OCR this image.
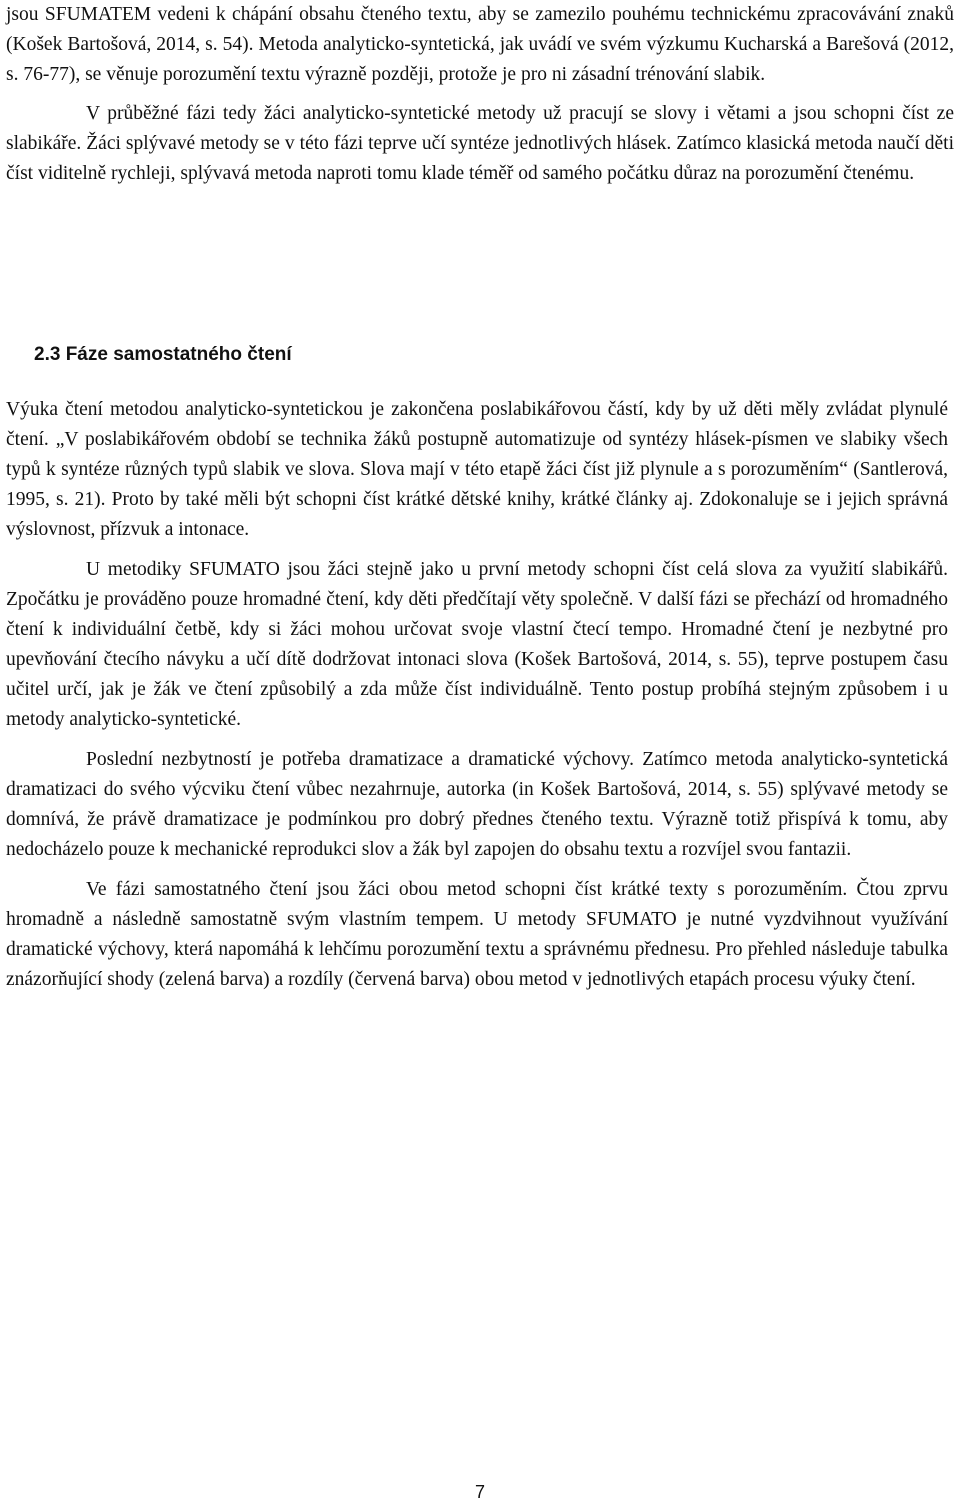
jsou SFUMATEM vedeni k chápání obsahu čteného textu, aby se zamezilo pouhému technickému zpracovávání znaků (Košek Bartošová, 2014, s. 54). Metoda analyticko-syntetická, jak uvádí ve svém výzkumu Kucharská a Barešová (2012, s. 76-77), se věnuje porozumění textu výrazně později, protože je pro ni zásadní trénování slabik.

V průběžné fázi tedy žáci analyticko-syntetické metody už pracují se slovy i větami a jsou schopni číst ze slabikáře. Žáci splývavé metody se v této fázi teprve učí syntéze jednotlivých hlásek. Zatímco klasická metoda naučí děti číst viditelně rychleji, splývavá metoda naproti tomu klade téměř od samého počátku důraz na porozumění čtenému.

2.3 Fáze samostatného čtení

Výuka čtení metodou analyticko-syntetickou je zakončena poslabikářovou částí, kdy by už děti měly zvládat plynulé čtení. „V poslabikářovém období se technika žáků postupně automatizuje od syntézy hlásek-písmen ve slabiky všech typů k syntéze různých typů slabik ve slova. Slova mají v této etapě žáci číst již plynule a s porozuměním“ (Santlerová, 1995, s. 21). Proto by také měli být schopni číst krátké dětské knihy, krátké články aj. Zdokonaluje se i jejich správná výslovnost, přízvuk a intonace.

U metodiky SFUMATO jsou žáci stejně jako u první metody schopni číst celá slova za využití slabikářů. Zpočátku je prováděno pouze hromadné čtení, kdy děti předčítají věty společně. V další fázi se přechází od hromadného čtení k individuální četbě, kdy si žáci mohou určovat svoje vlastní čtecí tempo. Hromadné čtení je nezbytné pro upevňování čtecího návyku a učí dítě dodržovat intonaci slova (Košek Bartošová, 2014, s. 55), teprve postupem času učitel určí, jak je žák ve čtení způsobilý a zda může číst individuálně. Tento postup probíhá stejným způsobem i u metody analyticko-syntetické.

Poslední nezbytností je potřeba dramatizace a dramatické výchovy. Zatímco metoda analyticko-syntetická dramatizaci do svého výcviku čtení vůbec nezahrnuje, autorka (in Košek Bartošová, 2014, s. 55) splývavé metody se domnívá, že právě dramatizace je podmínkou pro dobrý přednes čteného textu. Výrazně totiž přispívá k tomu, aby nedocházelo pouze k mechanické reprodukci slov a žák byl zapojen do obsahu textu a rozvíjel svou fantazii.

Ve fázi samostatného čtení jsou žáci obou metod schopni číst krátké texty s porozuměním. Čtou zprvu hromadně a následně samostatně svým vlastním tempem. U metody SFUMATO je nutné vyzdvihnout využívání dramatické výchovy, která napomáhá k lehčímu porozumění textu a správnému přednesu. Pro přehled následuje tabulka znázorňující shody (zelená barva) a rozdíly (červená barva) obou metod v jednotlivých etapách procesu výuky čtení.

7
